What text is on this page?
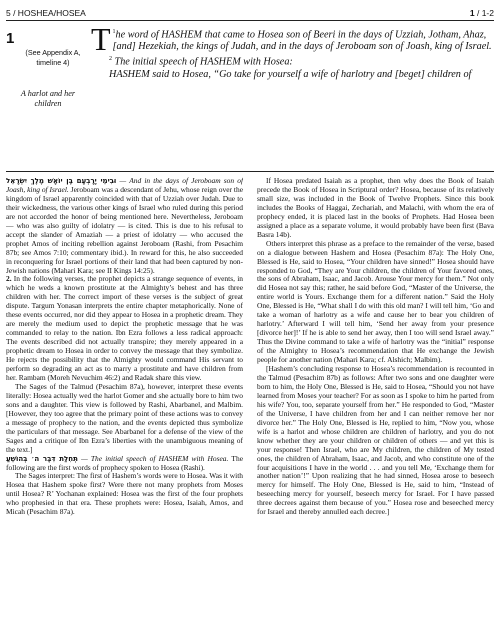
5 / HOSHEA/HOSEA	1 / 1-2
1
(See Appendix A, timeline 4)
A harlot and her children

$^1$
T he word of HASHEM that came to Hosea son of Beeri in the days of Uzziah, Jotham, Ahaz, [and] Hezekiah, the kings of Judah, and in the days of Jeroboam son of Joash, king of Israel.

$^2$ The initial speech of HASHEM with Hosea:

HASHEM said to Hosea, “Go take for yourself a wife of harlotry and [beget] children of

וּבִימֵי יָרָבְעָם בֶּן יוֹאָשׁ מֶלֶךְ יִשְׂרָאֵל — And in the days of Jeroboam son of Joash, king of Israel. Jeroboam was a descendant of Jehu, whose reign over the kingdom of Israel apparently coincided with that of Uzziah over Judah. Due to their wickedness, the various other kings of Israel who ruled during this period are not accorded the honor of being mentioned here. Nevertheless, Jeroboam — who was also guilty of idolatry — is cited. This is due to his refusal to accept the slander of Amaziah — a priest of idolatry — who accused the prophet Amos of inciting rebellion against Jeroboam (Rashi, from Pesachim 87b; see Amos 7:10; commentary ibid.). In reward for this, he also succeeded in reconquering for Israel portions of their land that had been captured by non-Jewish nations (Mahari Kara; see II Kings 14:25).

2. In the following verses, the prophet depicts a strange sequence of events, in which he weds a known prostitute at the Almighty’s behest and has three children with her. The correct import of these verses is the subject of great dispute. Targum Yonasan interprets the entire chapter metaphorically. None of these events occurred, nor did they appear to Hosea in a prophetic dream. They are merely the medium used to depict the prophetic message that he was commanded to relay to the nation. Ibn Ezra follows a less radical approach: The events described did not actually transpire; they merely appeared in a prophetic dream to Hosea in order to convey the message that they symbolize. He rejects the possibility that the Almighty would command His servant to perform so degrading an act as to marry a prostitute and have children from her. Rambam (Moreh Nevuchim 46:2) and Radak share this view.

The Sages of the Talmud (Pesachim 87a), however, interpret these events literally: Hosea actually wed the harlot Gomer and she actually bore to him two sons and a daughter. This view is followed by Rashi, Abarbanel, and Malbim. [However, they too agree that the primary point of these actions was to convey a message of prophecy to the nation, and the events depicted thus symbolize the particulars of that message. See Abarbanel for a defense of the view of the Sages and a critique of Ibn Ezra’s liberties with the unambiguous meaning of the text.]

תְּחִלַּת דִּבֶּר ה׳ בְּהוֹשֵׁעַ — The initial speech of HASHEM with Hosea. The following are the first words of prophecy spoken to Hosea (Rashi).

The Sages interpret: The first of Hashem’s words were to Hosea. Was it with Hosea that Hashem spoke first? Were there not many prophets from Moses until Hosea? R’ Yochanan explained: Hosea was the first of the four prophets who prophesied in that era. These prophets were: Hosea, Isaiah, Amos, and Micah (Pesachim 87a).

If Hosea predated Isaiah as a prophet, then why does the Book of Isaiah precede the Book of Hosea in Scriptural order? Hosea, because of its relatively small size, was included in the Book of Twelve Prophets. Since this book includes the Books of Haggai, Zechariah, and Malachi, with whom the era of prophecy ended, it is placed last in the books of Prophets. Had Hosea been assigned a place as a separate volume, it would probably have been first (Bava Basra 14b).

Others interpret this phrase as a preface to the remainder of the verse, based on a dialogue between Hashem and Hosea (Pesachim 87a): The Holy One, Blessed is He, said to Hosea, “Your children have sinned!” Hosea should have responded to God, “They are Your children, the children of Your favored ones, the sons of Abraham, Isaac, and Jacob. Arouse Your mercy for them.” Not only did Hosea not say this; rather, he said before God, “Master of the Universe, the entire world is Yours. Exchange them for a different nation.” Said the Holy One, Blessed is He, “What shall I do with this old man? I will tell him, ‘Go and take a woman of harlotry as a wife and cause her to bear you children of harlotry.’ Afterward I will tell him, ‘Send her away from your presence [divorce her]!’ If he is able to send her away, then I too will send Israel away.” Thus the Divine command to take a wife of harlotry was the “initial” response of the Almighty to Hosea’s recommendation that He exchange the Jewish people for another nation (Mahari Kara; cf. Alshich; Malbim).

[Hashem’s concluding response to Hosea’s recommendation is recounted in the Talmud (Pesachim 87b) as follows: After two sons and one daughter were born to him, the Holy One, Blessed is He, said to Hosea, “Should you not have learned from Moses your teacher? For as soon as I spoke to him he parted from his wife? You, too, separate yourself from her.” He responded to God, “Master of the Universe, I have children from her and I can neither remove her nor divorce her.” The Holy One, Blessed is He, replied to him, “Now you, whose wife is a harlot and whose children are children of harlotry, and you do not know whether they are your children or children of others — and yet this is your response! Then Israel, who are My children, the children of My tested ones, the children of Abraham, Isaac, and Jacob, and who constitute one of the four acquisitions I have in the world . . . and you tell Me, ‘Exchange them for another nation’!” Upon realizing that he had sinned, Hosea arose to beseech mercy for himself. The Holy One, Blessed is He, said to him, “Instead of beseeching mercy for yourself, beseech mercy for Israel. For I have passed three decrees against them because of you.” Hosea rose and beseeched mercy for Israel and thereby annulled each decree.]
